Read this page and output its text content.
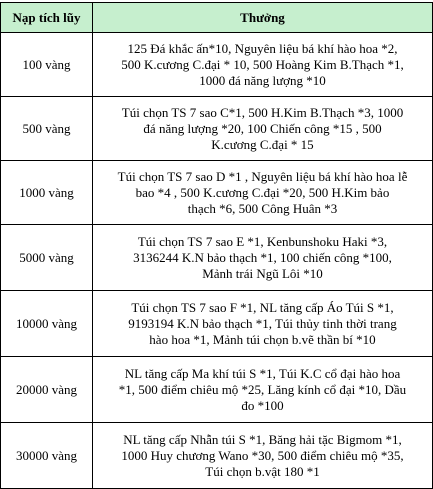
Nạp tích lũy	Thưởng
100 vàng	125 Đá khắc ấn*10, Nguyên liệu bá khí hào hoa *2,
500 K.cương C.đại * 10, 500 Hoàng Kim B.Thạch *1,
1000 đá năng lượng *10

500 vàng	Túi chọn TS 7 sao C*1, 500 H.Kim B.Thạch *3, 1000
đá năng lượng *20, 100 Chiến công *15 , 500
K.cương C.đại * 15

1000 vàng	Túi chọn TS 7 sao D *1 , Nguyên liệu bá khí hào hoa lễ
bao *4 , 500 K.cương C.đại *20, 500 H.Kim bảo
thạch *6, 500 Công Huân *3

5000 vàng	Túi chọn TS 7 sao E *1, Kenbunshoku Haki *3,
3136244 K.N bảo thạch *1, 100 chiến công *100,
Mảnh trái Ngũ Lôi *10

10000 vàng	Túi chọn TS 7 sao F *1, NL tăng cấp Áo Túi S *1,
9193194 K.N bảo thạch *1, Túi thủy tinh thời trang
hào hoa *1, Mảnh túi chọn b.vẽ thần bí *10

20000 vàng	NL tăng cấp Ma khí túi S *1, Túi K.C cổ đại hào hoa
*1, 500 điểm chiêu mộ *25, Lăng kính cổ đại *10, Dầu
đo *100

30000 vàng	NL tăng cấp Nhẫn túi S *1, Băng hải tặc Bigmom *1,
1000 Huy chương Wano *30, 500 điểm chiêu mộ *35,
Túi chọn b.vật 180 *1
